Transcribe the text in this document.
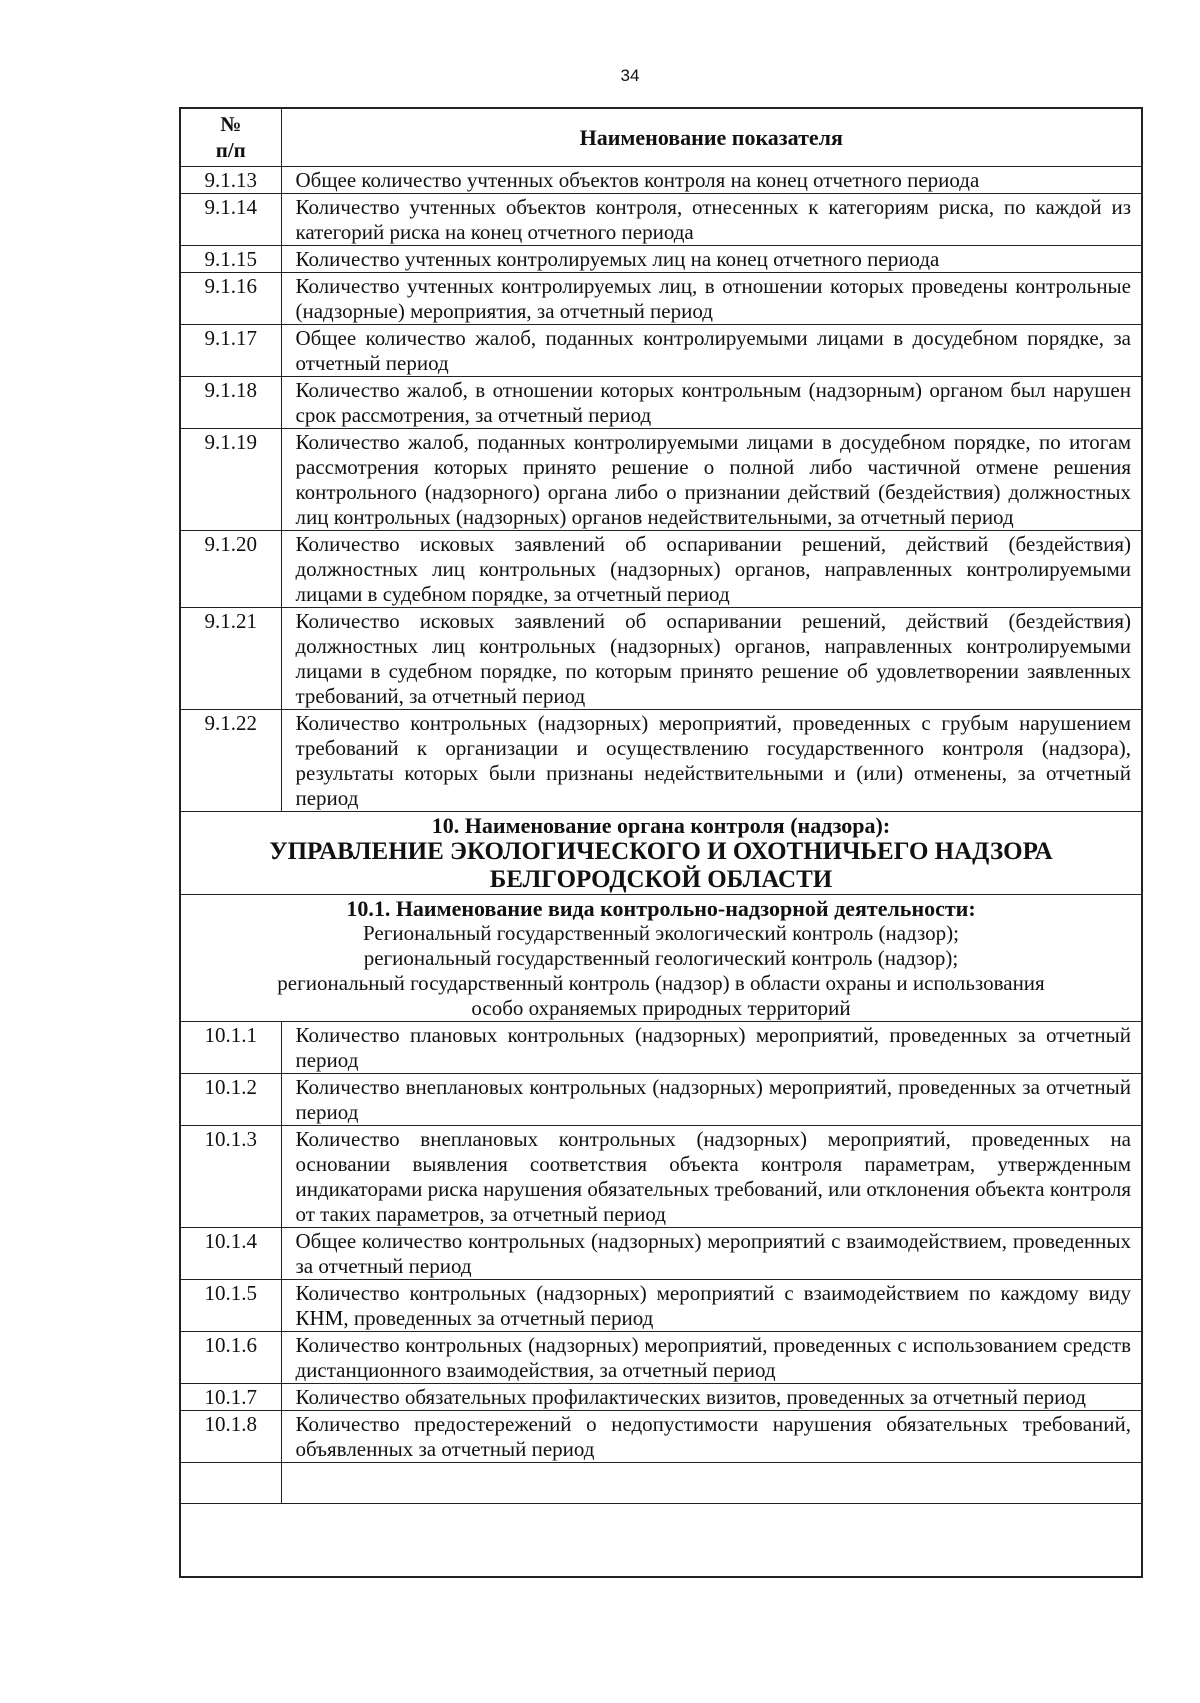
34
№
п/п	Наименование показателя
9.1.13	Общее количество учтенных объектов контроля на конец отчетного периода
9.1.14	Количество учтенных объектов контроля, отнесенных к категориям риска, по каждой из категорий риска на конец отчетного периода
9.1.15	Количество учтенных контролируемых лиц на конец отчетного периода
9.1.16	Количество учтенных контролируемых лиц, в отношении которых проведены контрольные (надзорные) мероприятия, за отчетный период
9.1.17	Общее количество жалоб, поданных контролируемыми лицами в досудебном порядке, за отчетный период
9.1.18	Количество жалоб, в отношении которых контрольным (надзорным) органом был нарушен срок рассмотрения, за отчетный период
9.1.19	Количество жалоб, поданных контролируемыми лицами в досудебном порядке, по итогам рассмотрения которых принято решение о полной либо частичной отмене решения контрольного (надзорного) органа либо о признании действий (бездействия) должностных лиц контрольных (надзорных) органов недействительными, за отчетный период
9.1.20	Количество исковых заявлений об оспаривании решений, действий (бездействия) должностных лиц контрольных (надзорных) органов, направленных контролируемыми лицами в судебном порядке, за отчетный период
9.1.21	Количество исковых заявлений об оспаривании решений, действий (бездействия) должностных лиц контрольных (надзорных) органов, направленных контролируемыми лицами в судебном порядке, по которым принято решение об удовлетворении заявленных требований, за отчетный период
9.1.22	Количество контрольных (надзорных) мероприятий, проведенных с грубым нарушением требований к организации и осуществлению государственного контроля (надзора), результаты которых были признаны недействительными и (или) отменены, за отчетный период

10. Наименование органа контроля (надзора):
УПРАВЛЕНИЕ ЭКОЛОГИЧЕСКОГО И ОХОТНИЧЬЕГО НАДЗОРА
БЕЛГОРОДСКОЙ ОБЛАСТИ	

10.1. Наименование вида контрольно-надзорной деятельности:
Региональный государственный экологический контроль (надзор);
региональный государственный геологический контроль (надзор);
региональный государственный контроль (надзор) в области охраны и использования
особо охраняемых природных территорий	

10.1.1	Количество плановых контрольных (надзорных) мероприятий, проведенных за отчетный период
10.1.2	Количество внеплановых контрольных (надзорных) мероприятий, проведенных за отчетный период
10.1.3	Количество внеплановых контрольных (надзорных) мероприятий, проведенных на основании выявления соответствия объекта контроля параметрам, утвержденным индикаторами риска нарушения обязательных требований, или отклонения объекта контроля от таких параметров, за отчетный период
10.1.4	Общее количество контрольных (надзорных) мероприятий с взаимодействием, проведенных за отчетный период
10.1.5	Количество контрольных (надзорных) мероприятий с взаимодействием по каждому виду КНМ, проведенных за отчетный период
10.1.6	Количество контрольных (надзорных) мероприятий, проведенных с использованием средств дистанционного взаимодействия, за отчетный период
10.1.7	Количество обязательных профилактических визитов, проведенных за отчетный период
10.1.8	Количество предостережений о недопустимости нарушения обязательных требований, объявленных за отчетный период
